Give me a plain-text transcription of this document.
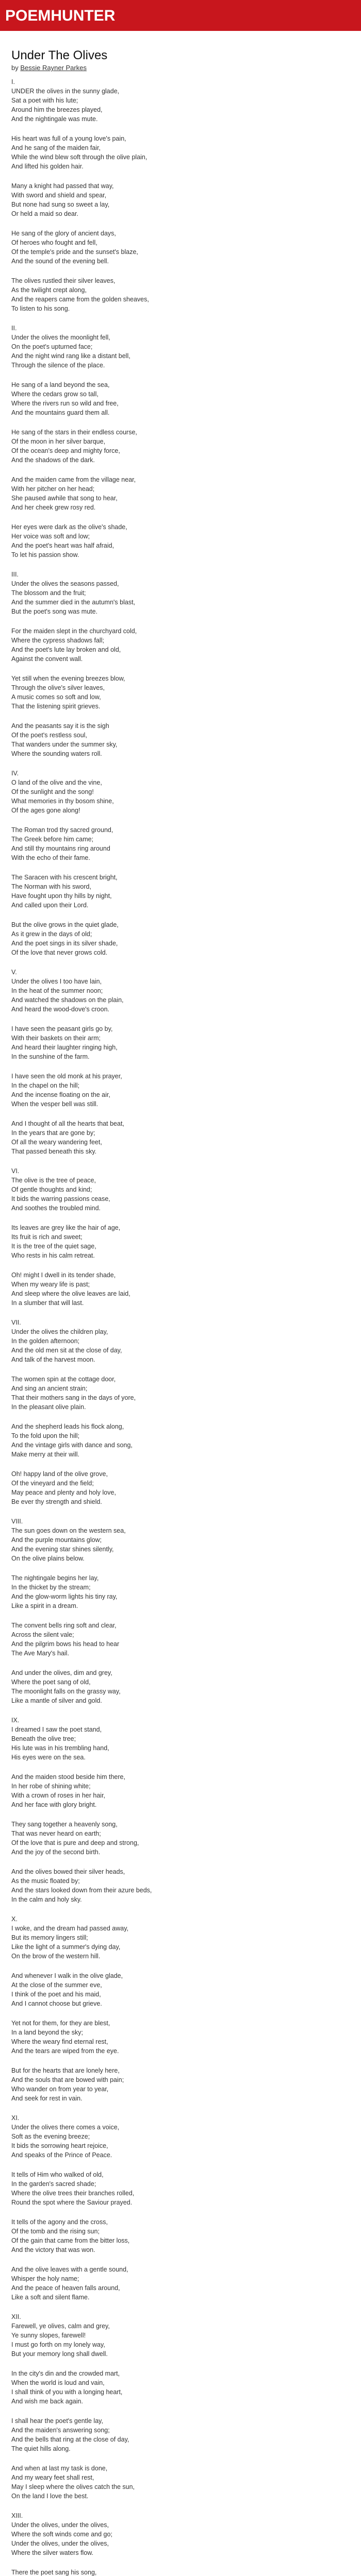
POEMHUNTER
Under The Olives
by Bessie Rayner Parkes
I.
UNDER the olives in the sunny glade,
Sat a poet with his lute;
Around him the breezes played,
And the nightingale was mute.
His heart was full of a young love's pain,
And he sang of the maiden fair,
While the wind blew soft through the olive plain,
And lifted his golden hair.
Many a knight had passed that way,
With sword and shield and spear,
But none had sung so sweet a lay,
Or held a maid so dear.
He sang of the glory of ancient days,
Of heroes who fought and fell,
Of the temple's pride and the sunset's blaze,
And the sound of the evening bell.
The olives rustled their silver leaves,
As the twilight crept along,
And the reapers came from the golden sheaves,
To listen to his song.
II.
Under the olives the moonlight fell,
On the poet's upturned face;
And the night wind rang like a distant bell,
Through the silence of the place.
He sang of a land beyond the sea,
Where the cedars grow so tall,
Where the rivers run so wild and free,
And the mountains guard them all.
He sang of the stars in their endless course,
Of the moon in her silver barque,
Of the ocean's deep and mighty force,
And the shadows of the dark.
And the maiden came from the village near,
With her pitcher on her head;
She paused awhile that song to hear,
And her cheek grew rosy red.
Her eyes were dark as the olive's shade,
Her voice was soft and low;
And the poet's heart was half afraid,
To let his passion show.
III.
Under the olives the seasons passed,
The blossom and the fruit;
And the summer died in the autumn's blast,
But the poet's song was mute.
For the maiden slept in the churchyard cold,
Where the cypress shadows fall;
And the poet's lute lay broken and old,
Against the convent wall.
Yet still when the evening breezes blow,
Through the olive's silver leaves,
A music comes so soft and low,
That the listening spirit grieves.
And the peasants say it is the sigh
Of the poet's restless soul,
That wanders under the summer sky,
Where the sounding waters roll.
IV.
O land of the olive and the vine,
Of the sunlight and the song!
What memories in thy bosom shine,
Of the ages gone along!
The Roman trod thy sacred ground,
The Greek before him came;
And still thy mountains ring around
With the echo of their fame.
The Saracen with his crescent bright,
The Norman with his sword,
Have fought upon thy hills by night,
And called upon their Lord.
But the olive grows in the quiet glade,
As it grew in the days of old;
And the poet sings in its silver shade,
Of the love that never grows cold.
V.
Under the olives I too have lain,
In the heat of the summer noon;
And watched the shadows on the plain,
And heard the wood-dove's croon.
I have seen the peasant girls go by,
With their baskets on their arm;
And heard their laughter ringing high,
In the sunshine of the farm.
I have seen the old monk at his prayer,
In the chapel on the hill;
And the incense floating on the air,
When the vesper bell was still.
And I thought of all the hearts that beat,
In the years that are gone by;
Of all the weary wandering feet,
That passed beneath this sky.
VI.
The olive is the tree of peace,
Of gentle thoughts and kind;
It bids the warring passions cease,
And soothes the troubled mind.
Its leaves are grey like the hair of age,
Its fruit is rich and sweet;
It is the tree of the quiet sage,
Who rests in his calm retreat.
Oh! might I dwell in its tender shade,
When my weary life is past;
And sleep where the olive leaves are laid,
In a slumber that will last.
VII.
Under the olives the children play,
In the golden afternoon;
And the old men sit at the close of day,
And talk of the harvest moon.
The women spin at the cottage door,
And sing an ancient strain;
That their mothers sang in the days of yore,
In the pleasant olive plain.
And the shepherd leads his flock along,
To the fold upon the hill;
And the vintage girls with dance and song,
Make merry at their will.
Oh! happy land of the olive grove,
Of the vineyard and the field;
May peace and plenty and holy love,
Be ever thy strength and shield.
VIII.
The sun goes down on the western sea,
And the purple mountains glow;
And the evening star shines silently,
On the olive plains below.
The nightingale begins her lay,
In the thicket by the stream;
And the glow-worm lights his tiny ray,
Like a spirit in a dream.
The convent bells ring soft and clear,
Across the silent vale;
And the pilgrim bows his head to hear
The Ave Mary's hail.
And under the olives, dim and grey,
Where the poet sang of old,
The moonlight falls on the grassy way,
Like a mantle of silver and gold.
IX.
I dreamed I saw the poet stand,
Beneath the olive tree;
His lute was in his trembling hand,
His eyes were on the sea.
And the maiden stood beside him there,
In her robe of shining white;
With a crown of roses in her hair,
And her face with glory bright.
They sang together a heavenly song,
That was never heard on earth;
Of the love that is pure and deep and strong,
And the joy of the second birth.
And the olives bowed their silver heads,
As the music floated by;
And the stars looked down from their azure beds,
In the calm and holy sky.
X.
I woke, and the dream had passed away,
But its memory lingers still;
Like the light of a summer's dying day,
On the brow of the western hill.
And whenever I walk in the olive glade,
At the close of the summer eve,
I think of the poet and his maid,
And I cannot choose but grieve.
Yet not for them, for they are blest,
In a land beyond the sky;
Where the weary find eternal rest,
And the tears are wiped from the eye.
But for the hearts that are lonely here,
And the souls that are bowed with pain;
Who wander on from year to year,
And seek for rest in vain.
XI.
Under the olives there comes a voice,
Soft as the evening breeze;
It bids the sorrowing heart rejoice,
And speaks of the Prince of Peace.
It tells of Him who walked of old,
In the garden's sacred shade;
Where the olive trees their branches rolled,
Round the spot where the Saviour prayed.
It tells of the agony and the cross,
Of the tomb and the rising sun;
Of the gain that came from the bitter loss,
And the victory that was won.
And the olive leaves with a gentle sound,
Whisper the holy name;
And the peace of heaven falls around,
Like a soft and silent flame.
XII.
Farewell, ye olives, calm and grey,
Ye sunny slopes, farewell!
I must go forth on my lonely way,
But your memory long shall dwell.
In the city's din and the crowded mart,
When the world is loud and vain,
I shall think of you with a longing heart,
And wish me back again.
I shall hear the poet's gentle lay,
And the maiden's answering song;
And the bells that ring at the close of day,
The quiet hills along.
And when at last my task is done,
And my weary feet shall rest,
May I sleep where the olives catch the sun,
On the land I love the best.
XIII.
Under the olives, under the olives,
Where the soft winds come and go;
Under the olives, under the olives,
Where the silver waters flow.
There the poet sang his song,
